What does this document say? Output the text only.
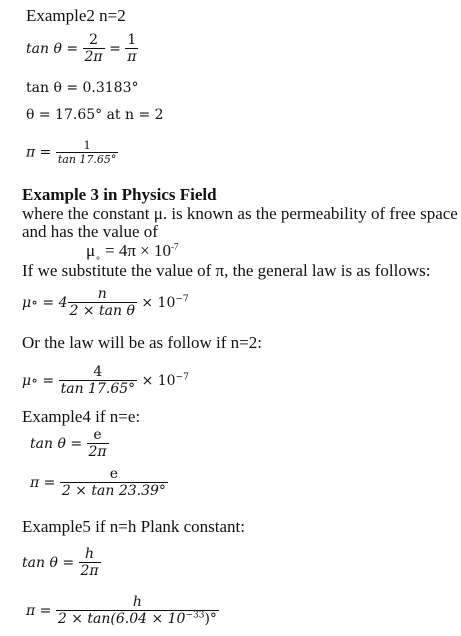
Example2 n=2
$\tan \theta = \frac{2}{2\pi} = \frac{1}{\pi}$
tan θ = 0.3183°
θ = 17.65° at n = 2
$\pi = \frac{1}{\tan 17.65^\circ}$
Example 3 in Physics Field
where the constant μ. is known as the permeability of free space
and has the value of
$\mu_\circ = 4\pi \times 10^{-7}$
If we substitute the value of π, the general law is as follows:
μ∘ = $4 \frac{n}{\text{2 × tan θ}} \times 10^{-7}$
Or the law will be as follow if n=2:
μ∘ = $\frac{4}{\tan 17.65^\circ} \times 10^{-7}$
Example4 if n=e:
$\tan \theta = \frac{e}{2\pi}$
$\pi = \frac{e}{2 \times \tan 23.39^\circ}$
Example5 if n=h Plank constant:
$\tan \theta = \frac{h}{2\pi}$
$\pi = \frac{h}{2 \times \tan(6.04 \times 10^{-33})^\circ}$
